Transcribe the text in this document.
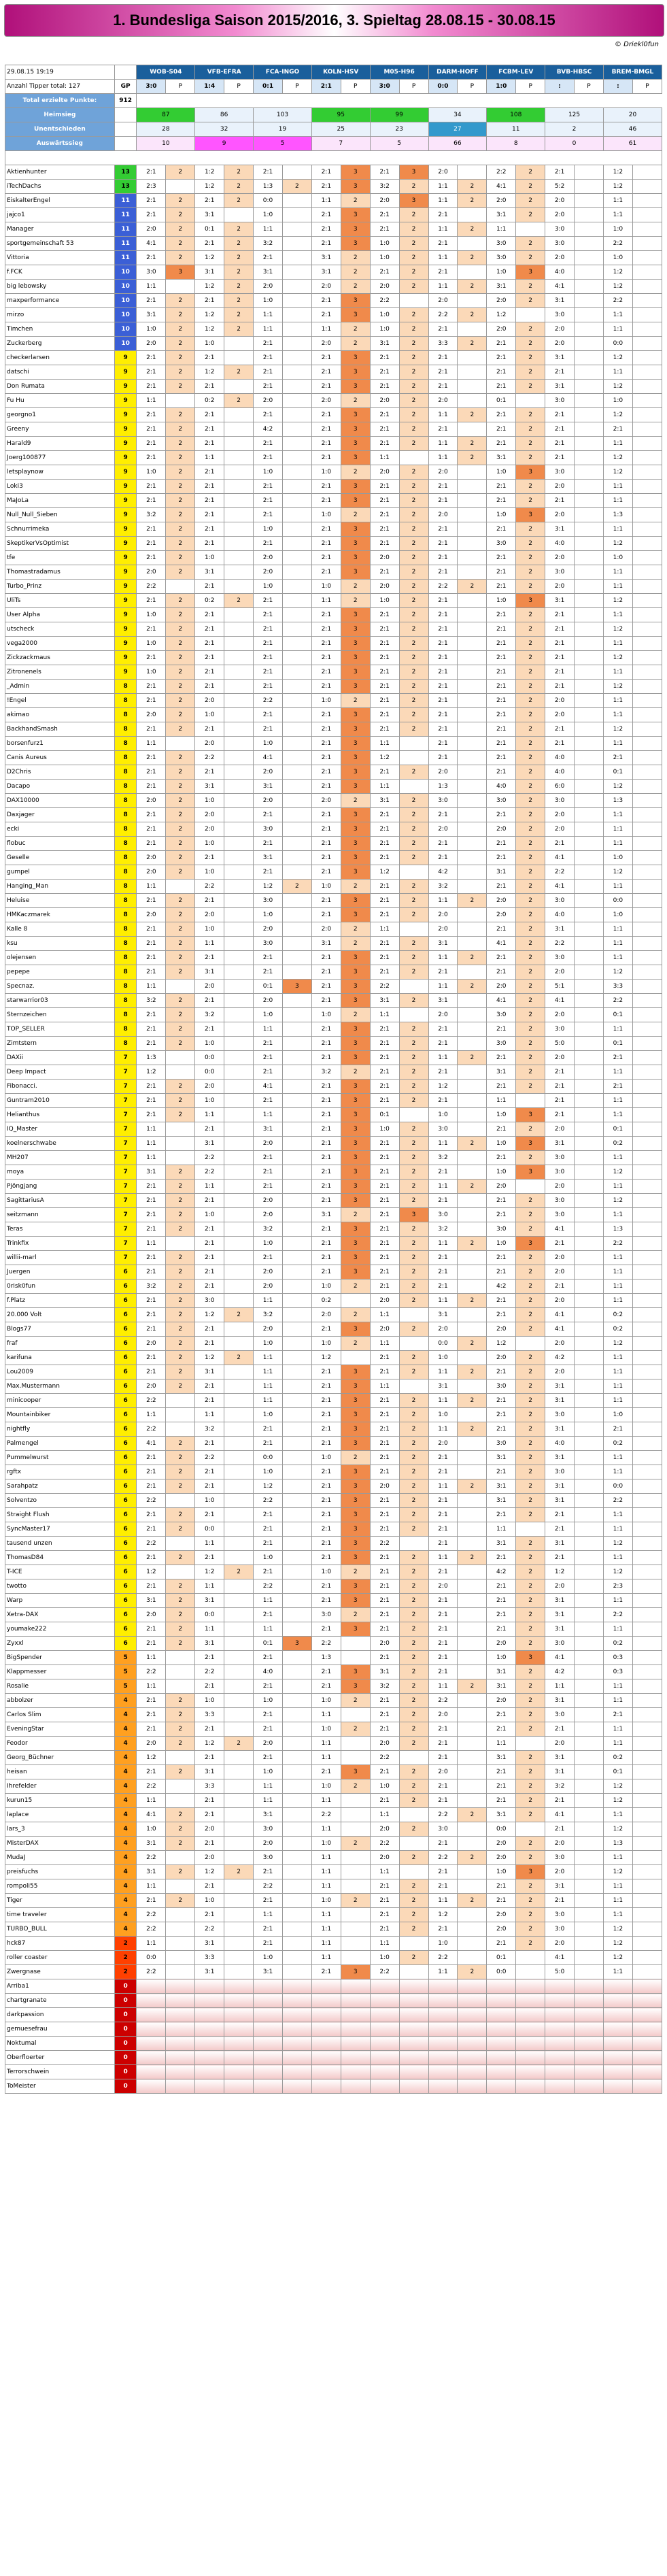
1. Bundesliga Saison 2015/2016, 3. Spieltag 28.08.15 - 30.08.15
© Driekl0fun
29.08.15 19:19		WOB-S04		VFB-EFRA		FCA-INGO		KOLN-HSV		M05-H96		DARM-HOFF		FCBM-LEV		BVB-HBSC		BREM-BMGL	
Anzahl Tipper total: 127	GP	3:0	P	1:4	P	0:1	P	2:1	P	3:0	P	0:0	P	1:0	P	:	P	:	P
Total erzielte Punkte:	912																		
Heimsieg		87		86		103		95		99		34		108		125		20	
Unentschieden		28		32		19		25		23		27		11		2		46	
Auswärtssieg		10		9		5		7		5		66		8		0		61	

Aktienhunter	13	2:1	2	1:2	2	2:1		2:1	3	2:1	3	2:0		2:2	2	2:1		1:2	
iTechDachs	13	2:3		1:2	2	1:3	2	2:1	3	3:2	2	1:1	2	4:1	2	5:2		1:2	
EiskalterEngel	11	2:1	2	2:1	2	0:0		1:1	2	2:0	3	1:1	2	2:0	2	2:0		1:1	
jajco1	11	2:1	2	3:1		1:0		2:1	3	2:1	2	2:1		3:1	2	2:0		1:1	
Manager	11	2:0	2	0:1	2	1:1		2:1	3	2:1	2	1:1	2	1:1		3:0		1:0	
sportgemeinschaft 53	11	4:1	2	2:1	2	3:2		2:1	3	1:0	2	2:1		3:0	2	3:0		2:2	
Vittoria	11	2:1	2	1:2	2	2:1		3:1	2	1:0	2	1:1	2	3:0	2	2:0		1:0	
f.FCK	10	3:0	3	3:1	2	3:1		3:1	2	2:1	2	2:1		1:0	3	4:0		1:2	
big lebowsky	10	1:1		1:2	2	2:0		2:0	2	2:0	2	1:1	2	3:1	2	4:1		1:2	
maxperformance	10	2:1	2	2:1	2	1:0		2:1	3	2:2		2:0		2:0	2	3:1		2:2	
mirzo	10	3:1	2	1:2	2	1:1		2:1	3	1:0	2	2:2	2	1:2		3:0		1:1	
Timchen	10	1:0	2	1:2	2	1:1		1:1	2	1:0	2	2:1		2:0	2	2:0		1:1	
Zuckerberg	10	2:0	2	1:0		2:1		2:0	2	3:1	2	3:3	2	2:1	2	2:0		0:0	
checkerlarsen	9	2:1	2	2:1		2:1		2:1	3	2:1	2	2:1		2:1	2	3:1		1:2	
datschi	9	2:1	2	1:2	2	2:1		2:1	3	2:1	2	2:1		2:1	2	2:1		1:1	
Don Rumata	9	2:1	2	2:1		2:1		2:1	3	2:1	2	2:1		2:1	2	3:1		1:2	
Fu Hu	9	1:1		0:2	2	2:0		2:0	2	2:0	2	2:0		0:1		3:0		1:0	
georgno1	9	2:1	2	2:1		2:1		2:1	3	2:1	2	1:1	2	2:1	2	2:1		1:2	
Greeny	9	2:1	2	2:1		4:2		2:1	3	2:1	2	2:1		2:1	2	2:1		2:1	
Harald9	9	2:1	2	2:1		2:1		2:1	3	2:1	2	1:1	2	2:1	2	2:1		1:1	
Joerg100877	9	2:1	2	1:1		2:1		2:1	3	1:1		1:1	2	3:1	2	2:1		1:2	
letsplaynow	9	1:0	2	2:1		1:0		1:0	2	2:0	2	2:0		1:0	3	3:0		1:2	
Loki3	9	2:1	2	2:1		2:1		2:1	3	2:1	2	2:1		2:1	2	2:0		1:1	
MaJoLa	9	2:1	2	2:1		2:1		2:1	3	2:1	2	2:1		2:1	2	2:1		1:1	
Null_Null_Sieben	9	3:2	2	2:1		2:1		1:0	2	2:1	2	2:0		1:0	3	2:0		1:3	
Schnurrimeka	9	2:1	2	2:1		1:0		2:1	3	2:1	2	2:1		2:1	2	3:1		1:1	
SkeptikerVsOptimist	9	2:1	2	2:1		2:1		2:1	3	2:1	2	2:1		3:0	2	4:0		1:2	
tfe	9	2:1	2	1:0		2:0		2:1	3	2:0	2	2:1		2:1	2	2:0		1:0	
Thomastradamus	9	2:0	2	3:1		2:0		2:1	3	2:1	2	2:1		2:1	2	3:0		1:1	
Turbo_Prinz	9	2:2		2:1		1:0		1:0	2	2:0	2	2:2	2	2:1	2	2:0		1:1	
UliTs	9	2:1	2	0:2	2	2:1		1:1	2	1:0	2	2:1		1:0	3	3:1		1:2	
User Alpha	9	1:0	2	2:1		2:1		2:1	3	2:1	2	2:1		2:1	2	2:1		1:1	
utscheck	9	2:1	2	2:1		2:1		2:1	3	2:1	2	2:1		2:1	2	2:1		1:2	
vega2000	9	1:0	2	2:1		2:1		2:1	3	2:1	2	2:1		2:1	2	2:1		1:1	
Zickzackmaus	9	2:1	2	2:1		2:1		2:1	3	2:1	2	2:1		2:1	2	2:1		1:2	
Zitronenels	9	1:0	2	2:1		2:1		2:1	3	2:1	2	2:1		2:1	2	2:1		1:1	
_Admin	8	2:1	2	2:1		2:1		2:1	3	2:1	2	2:1		2:1	2	2:1		1:2	
!Engel	8	2:1	2	2:0		2:2		1:0	2	2:1	2	2:1		2:1	2	2:0		1:1	
akimao	8	2:0	2	1:0		2:1		2:1	3	2:1	2	2:1		2:1	2	2:0		1:1	
BackhandSmash	8	2:1	2	2:1		2:1		2:1	3	2:1	2	2:1		2:1	2	2:1		1:2	
borsenfurz1	8	1:1		2:0		1:0		2:1	3	1:1		2:1		2:1	2	2:1		1:1	
Canis Aureus	8	2:1	2	2:2		4:1		2:1	3	1:2		2:1		2:1	2	4:0		2:1	
D2Chris	8	2:1	2	2:1		2:0		2:1	3	2:1	2	2:0		2:1	2	4:0		0:1	
Dacapo	8	2:1	2	3:1		3:1		2:1	3	1:1		1:3		4:0	2	6:0		1:2	
DAX10000	8	2:0	2	1:0		2:0		2:0	2	3:1	2	3:0		3:0	2	3:0		1:3	
Daxjager	8	2:1	2	2:0		2:1		2:1	3	2:1	2	2:1		2:1	2	2:0		1:1	
ecki	8	2:1	2	2:0		3:0		2:1	3	2:1	2	2:0		2:0	2	2:0		1:1	
flobuc	8	2:1	2	1:0		2:1		2:1	3	2:1	2	2:1		2:1	2	2:1		1:1	
Geselle	8	2:0	2	2:1		3:1		2:1	3	2:1	2	2:1		2:1	2	4:1		1:0	
gumpel	8	2:0	2	1:0		2:1		2:1	3	1:2		4:2		3:1	2	2:2		1:2	
Hanging_Man	8	1:1		2:2		1:2	2	1:0	2	2:1	2	3:2		2:1	2	4:1		1:1	
Heluise	8	2:1	2	2:1		3:0		2:1	3	2:1	2	1:1	2	2:0	2	3:0		0:0	
HMKaczmarek	8	2:0	2	2:0		1:0		2:1	3	2:1	2	2:0		2:0	2	4:0		1:0	
Kalle 8	8	2:1	2	1:0		2:0		2:0	2	1:1		2:0		2:1	2	3:1		1:1	
ksu	8	2:1	2	1:1		3:0		3:1	2	2:1	2	3:1		4:1	2	2:2		1:1	
olejensen	8	2:1	2	2:1		2:1		2:1	3	2:1	2	1:1	2	2:1	2	3:0		1:1	
pepepe	8	2:1	2	3:1		2:1		2:1	3	2:1	2	2:1		2:1	2	2:0		1:2	
Specnaz.	8	1:1		2:0		0:1	3	2:1	3	2:2		1:1	2	2:0	2	5:1		3:3	
starwarrior03	8	3:2	2	2:1		2:0		2:1	3	3:1	2	3:1		4:1	2	4:1		2:2	
Sternzeichen	8	2:1	2	3:2		1:0		1:0	2	1:1		2:0		3:0	2	2:0		0:1	
TOP_SELLER	8	2:1	2	2:1		1:1		2:1	3	2:1	2	2:1		2:1	2	3:0		1:1	
Zimtstern	8	2:1	2	1:0		2:1		2:1	3	2:1	2	2:1		3:0	2	5:0		0:1	
DAXii	7	1:3		0:0		2:1		2:1	3	2:1	2	1:1	2	2:1	2	2:0		2:1	
Deep Impact	7	1:2		0:0		2:1		3:2	2	2:1	2	2:1		3:1	2	2:1		1:1	
Fibonacci.	7	2:1	2	2:0		4:1		2:1	3	2:1	2	1:2		2:1	2	2:1		2:1	
Guntram2010	7	2:1	2	1:0		2:1		2:1	3	2:1	2	2:1		1:1		2:1		1:1	
Helianthus	7	2:1	2	1:1		1:1		2:1	3	0:1		1:0		1:0	3	2:1		1:1	
IQ_Master	7	1:1		2:1		3:1		2:1	3	1:0	2	3:0		2:1	2	2:0		0:1	
koelnerschwabe	7	1:1		3:1		2:0		2:1	3	2:1	2	1:1	2	1:0	3	3:1		0:2	
MH207	7	1:1		2:2		2:1		2:1	3	2:1	2	3:2		2:1	2	3:0		1:1	
moya	7	3:1	2	2:2		2:1		2:1	3	2:1	2	2:1		1:0	3	3:0		1:2	
Pjöngjang	7	2:1	2	1:1		2:1		2:1	3	2:1	2	1:1	2	2:0		2:0		1:1	
SagittariusA	7	2:1	2	2:1		2:0		2:1	3	2:1	2	2:1		2:1	2	3:0		1:2	
seitzmann	7	2:1	2	1:0		2:0		3:1	2	2:1	3	3:0		2:1	2	3:0		1:1	
Teras	7	2:1	2	2:1		3:2		2:1	3	2:1	2	3:2		3:0	2	4:1		1:3	
Trinkfix	7	1:1		2:1		1:0		2:1	3	2:1	2	1:1	2	1:0	3	2:1		2:2	
willii-marl	7	2:1	2	2:1		2:1		2:1	3	2:1	2	2:1		2:1	2	2:0		1:1	
Juergen	6	2:1	2	2:1		2:0		2:1	3	2:1	2	2:1		2:1	2	2:0		1:1	
0risk0fun	6	3:2	2	2:1		2:0		1:0	2	2:1	2	2:1		4:2	2	2:1		1:1	
f.Platz	6	2:1	2	3:0		1:1		0:2		2:0	2	1:1	2	2:1	2	2:0		1:1	
20.000 Volt	6	2:1	2	1:2	2	3:2		2:0	2	1:1		3:1		2:1	2	4:1		0:2	
Blogs77	6	2:1	2	2:1		2:0		2:1	3	2:0	2	2:0		2:0	2	4:1		0:2	
fraf	6	2:0	2	2:1		1:0		1:0	2	1:1		0:0	2	1:2		2:0		1:2	
karifuna	6	2:1	2	1:2	2	1:1		1:2		2:1	2	1:0		2:0	2	4:2		1:1	
Lou2009	6	2:1	2	3:1		1:1		2:1	3	2:1	2	1:1	2	2:1	2	2:0		1:1	
Max.Mustermann	6	2:0	2	2:1		1:1		2:1	3	1:1		3:1		3:0	2	3:1		1:1	
minicooper	6	2:2		2:1		1:1		2:1	3	2:1	2	1:1	2	2:1	2	3:1		1:1	
Mountainbiker	6	1:1		1:1		1:0		2:1	3	2:1	2	1:0		2:1	2	3:0		1:0	
nightfly	6	2:2		3:2		2:1		2:1	3	2:1	2	1:1	2	2:1	2	3:1		2:1	
Palmengel	6	4:1	2	2:1		2:1		2:1	3	2:1	2	2:0		3:0	2	4:0		0:2	
Pummelwurst	6	2:1	2	2:2		0:0		1:0	2	2:1	2	2:1		3:1	2	3:1		1:1	
rgftx	6	2:1	2	2:1		1:0		2:1	3	2:1	2	2:1		2:1	2	3:0		1:1	
Sarahpatz	6	2:1	2	2:1		1:2		2:1	3	2:0	2	1:1	2	3:1	2	3:1		0:0	
Solventzo	6	2:2		1:0		2:2		2:1	3	2:1	2	2:1		3:1	2	3:1		2:2	
Straight Flush	6	2:1	2	2:1		2:1		2:1	3	2:1	2	2:1		2:1	2	2:1		1:1	
SyncMaster17	6	2:1	2	0:0		2:1		2:1	3	2:1	2	2:1		1:1		2:1		1:1	
tausend unzen	6	2:2		1:1		2:1		2:1	3	2:2		2:1		3:1	2	3:1		1:2	
ThomasD84	6	2:1	2	2:1		1:0		2:1	3	2:1	2	1:1	2	2:1	2	2:1		1:1	
T-ICE	6	1:2		1:2	2	2:1		1:0	2	2:1	2	2:1		4:2	2	1:2		1:2	
twotto	6	2:1	2	1:1		2:2		2:1	3	2:1	2	2:0		2:1	2	2:0		2:3	
Warp	6	3:1	2	3:1		1:1		2:1	3	2:1	2	2:1		2:1	2	3:1		1:1	
Xetra-DAX	6	2:0	2	0:0		2:1		3:0	2	2:1	2	2:1		2:1	2	3:1		2:2	
youmake222	6	2:1	2	1:1		1:1		2:1	3	2:1	2	2:1		2:1	2	3:1		1:1	
Zyxxl	6	2:1	2	3:1		0:1	3	2:2		2:0	2	2:1		2:0	2	3:0		0:2	
BigSpender	5	1:1		2:1		2:1		1:3		2:1	2	2:1		1:0	3	4:1		0:3	
Klappmesser	5	2:2		2:2		4:0		2:1	3	3:1	2	2:1		3:1	2	4:2		0:3	
Rosalie	5	1:1		2:1		2:1		2:1	3	3:2	2	1:1	2	3:1	2	1:1		1:1	
abbolzer	4	2:1	2	1:0		1:0		1:0	2	2:1	2	2:2		2:0	2	3:1		1:1	
Carlos Slim	4	2:1	2	3:3		2:1		1:1		2:1	2	2:0		2:1	2	3:0		2:1	
EveningStar	4	2:1	2	2:1		2:1		1:0	2	2:1	2	2:1		2:1	2	2:1		1:1	
Feodor	4	2:0	2	1:2	2	2:0		1:1		2:0	2	2:1		1:1		2:0		1:1	
Georg_Büchner	4	1:2		2:1		2:1		1:1		2:2		2:1		3:1	2	3:1		0:2	
heisan	4	2:1	2	3:1		1:0		2:1	3	2:1	2	2:0		2:1	2	3:1		0:1	
Ihrefelder	4	2:2		3:3		1:1		1:0	2	1:0	2	2:1		2:1	2	3:2		1:2	
kurun15	4	1:1		2:1		1:1		1:1		2:1	2	2:1		2:1	2	2:1		1:2	
laplace	4	4:1	2	2:1		3:1		2:2		1:1		2:2	2	3:1	2	4:1		1:1	
lars_3	4	1:0	2	2:0		3:0		1:1		2:0	2	3:0		0:0		2:1		1:2	
MisterDAX	4	3:1	2	2:1		2:0		1:0	2	2:2		2:1		2:0	2	2:0		1:3	
MudaJ	4	2:2		2:0		3:0		1:1		2:0	2	2:2	2	2:0	2	3:0		1:1	
preisfuchs	4	3:1	2	1:2	2	2:1		1:1		1:1		2:1		1:0	3	2:0		1:2	
rompoli55	4	1:1		2:1		2:2		1:1		2:1	2	2:1		2:1	2	3:1		1:1	
Tiger	4	2:1	2	1:0		2:1		1:0	2	2:1	2	1:1	2	2:1	2	2:1		1:1	
time traveler	4	2:2		2:1		1:1		1:1		2:1	2	1:2		2:0	2	3:0		1:1	
TURBO_BULL	4	2:2		2:2		2:1		1:1		2:1	2	2:1		2:0	2	3:0		1:2	
hck87	2	1:1		3:1		2:1		1:1		1:1		1:0		2:1	2	2:0		1:2	
roller coaster	2	0:0		3:3		1:0		1:1		1:0	2	2:2		0:1		4:1		1:2	
Zwergnase	2	2:2		3:1		3:1		2:1	3	2:2		1:1	2	0:0		5:0		1:1	
Arriba1	0																		
chartgranate	0																		
darkpassion	0																		
gemuesefrau	0																		
Noktumal	0																		
Oberfloerter	0																		
Terrorschwein	0																		
ToMeister	0																		
